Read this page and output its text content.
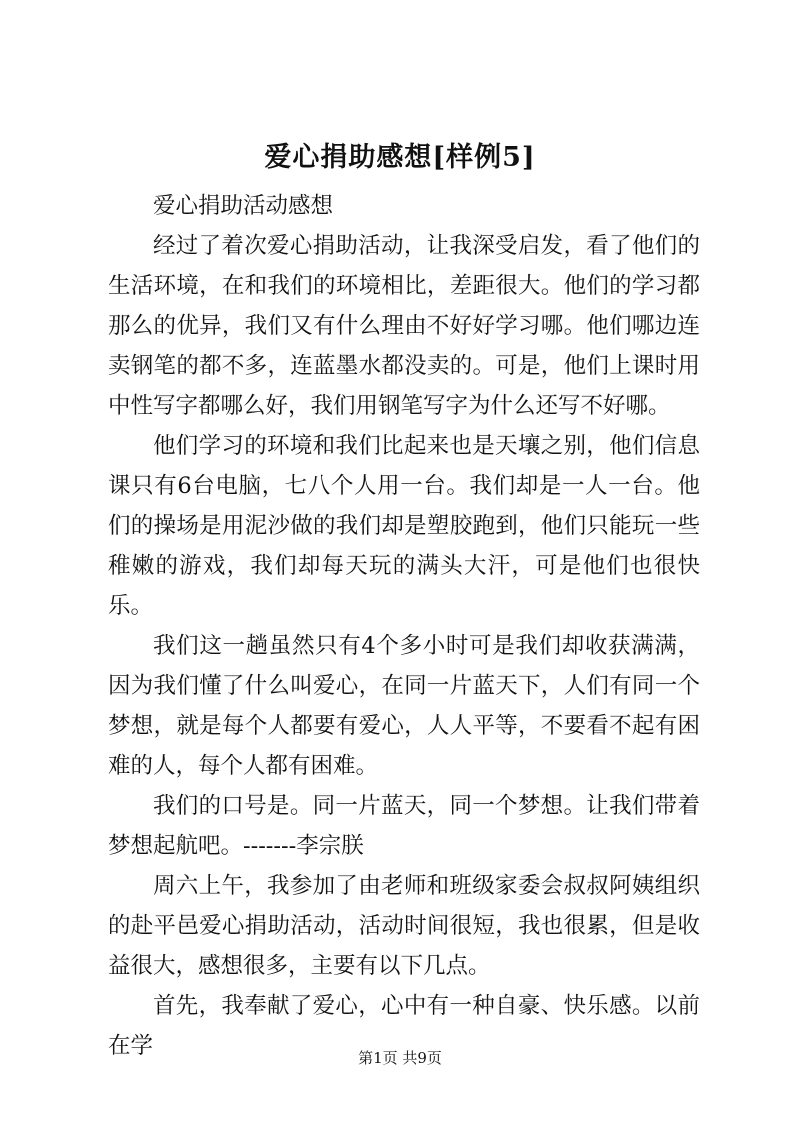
爱心捐助感想[样例5]

爱心捐助活动感想

经过了着次爱心捐助活动，让我深受启发，看了他们的生活环境，在和我们的环境相比，差距很大。他们的学习都那么的优异，我们又有什么理由不好好学习哪。他们哪边连卖钢笔的都不多，连蓝墨水都没卖的。可是，他们上课时用中性写字都哪么好，我们用钢笔写字为什么还写不好哪。

他们学习的环境和我们比起来也是天壤之别，他们信息课只有6台电脑，七八个人用一台。我们却是一人一台。他们的操场是用泥沙做的我们却是塑胶跑到，他们只能玩一些稚嫩的游戏，我们却每天玩的满头大汗，可是他们也很快乐。

我们这一趟虽然只有4个多小时可是我们却收获满满，因为我们懂了什么叫爱心，在同一片蓝天下，人们有同一个梦想，就是每个人都要有爱心，人人平等，不要看不起有困难的人，每个人都有困难。

我们的口号是。同一片蓝天，同一个梦想。让我们带着梦想起航吧。-------李宗朕

周六上午，我参加了由老师和班级家委会叔叔阿姨组织的赴平邑爱心捐助活动，活动时间很短，我也很累，但是收益很大，感想很多，主要有以下几点。

首先，我奉献了爱心，心中有一种自豪、快乐感。以前在学	第1页 共9页
